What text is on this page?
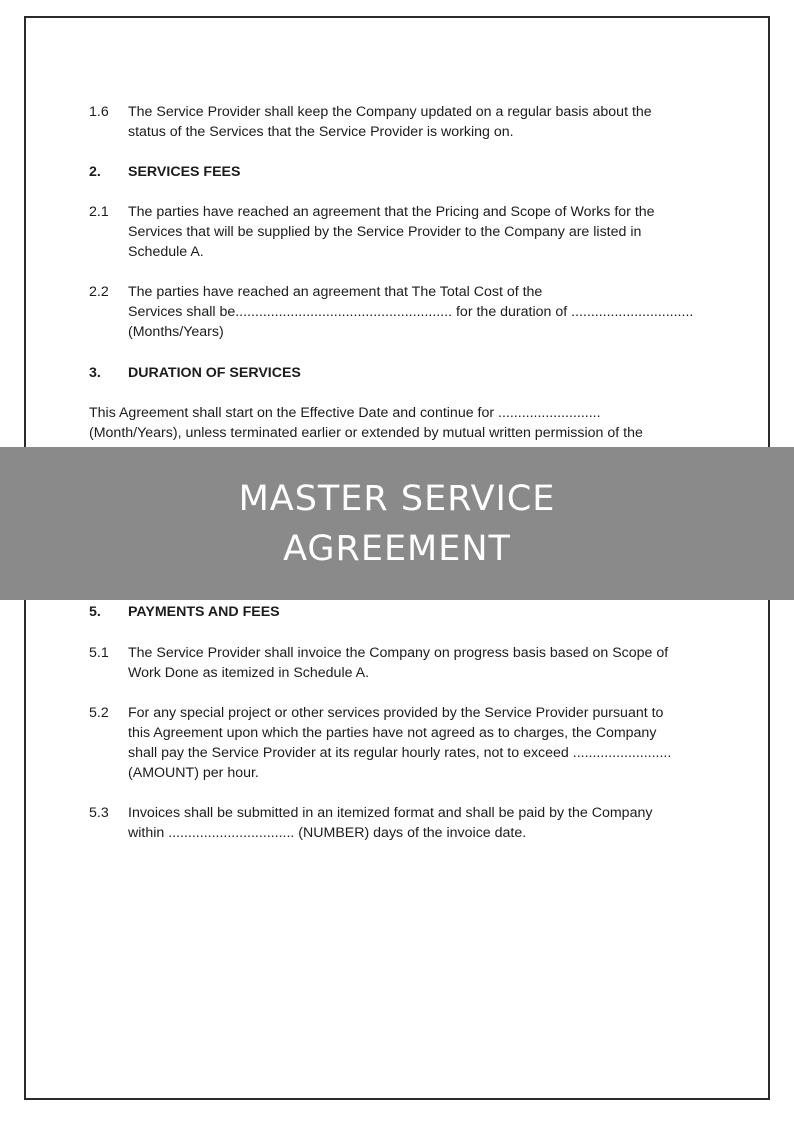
1.6 The Service Provider shall keep the Company updated on a regular basis about the
status of the Services that the Service Provider is working on.
2. SERVICES FEES
2.1 The parties have reached an agreement that the Pricing and Scope of Works for the
Services that will be supplied by the Service Provider to the Company are listed in
Schedule A.
2.2 The parties have reached an agreement that The Total Cost of the
Services shall be....................................................... for the duration of ...............................
(Months/Years)
3. DURATION OF SERVICES
This Agreement shall start on the Effective Date and continue for ..........................
(Month/Years), unless terminated earlier or extended by mutual written permission of the
MASTER SERVICE
AGREEMENT
5. PAYMENTS AND FEES
5.1 The Service Provider shall invoice the Company on progress basis based on Scope of
Work Done as itemized in Schedule A.
5.2 For any special project or other services provided by the Service Provider pursuant to
this Agreement upon which the parties have not agreed as to charges, the Company
shall pay the Service Provider at its regular hourly rates, not to exceed .........................
(AMOUNT) per hour.
5.3 Invoices shall be submitted in an itemized format and shall be paid by the Company
within ................................ (NUMBER) days of the invoice date.
